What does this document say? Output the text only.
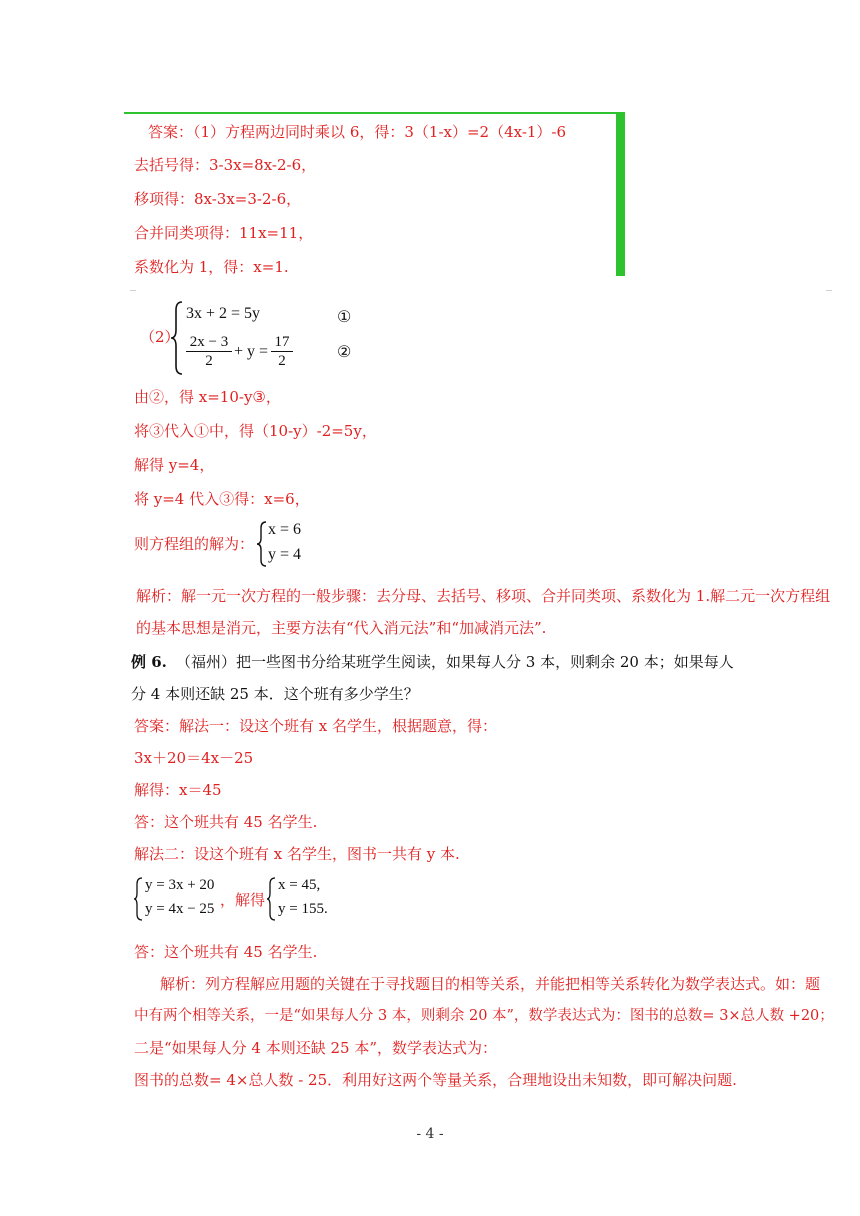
答案：（1）方程两边同时乘以 6，得：3（1-x）=2（4x-1）-6
去括号得：3-3x=8x-2-6，
移项得：8x-3x=3-2-6，
合并同类项得：11x=11，
系数化为 1，得：x=1.
（2）
3x + 2 = 5y	①
$\frac{2x - 3}{2} + y = \frac{17}{2}$	②
由②，得 x=10-y③，
将③代入①中，得（10-y）-2=5y，
解得 y=4，
将 y=4 代入③得：x=6，
则方程组的解为：
x = 6
y = 4
解析：解一元一次方程的一般步骤：去分母、去括号、移项、合并同类项、系数化为 1.解二元一次方程组
的基本思想是消元，主要方法有“代入消元法”和“加减消元法”.
例 6. （福州）把一些图书分给某班学生阅读，如果每人分 3 本，则剩余 20 本；如果每人
分 4 本则还缺 25 本．这个班有多少学生？
答案：解法一：设这个班有 x 名学生，根据题意，得：
3x＋20＝4x－25
解得：x＝45
答：这个班共有 45 名学生.
解法二：设这个班有 x 名学生，图书一共有 y 本.
y = 3x + 20
y = 4x − 25 ，解得
x = 45,
y = 155.
答：这个班共有 45 名学生.
解析：列方程解应用题的关键在于寻找题目的相等关系，并能把相等关系转化为数学表达式。如：题
中有两个相等关系，一是“如果每人分 3 本，则剩余 20 本”，数学表达式为：图书的总数= 3×总人数 +20；
二是“如果每人分 4 本则还缺 25 本”，数学表达式为：
图书的总数= 4×总人数 - 25．利用好这两个等量关系，合理地设出未知数，即可解决问题.
- 4 -
